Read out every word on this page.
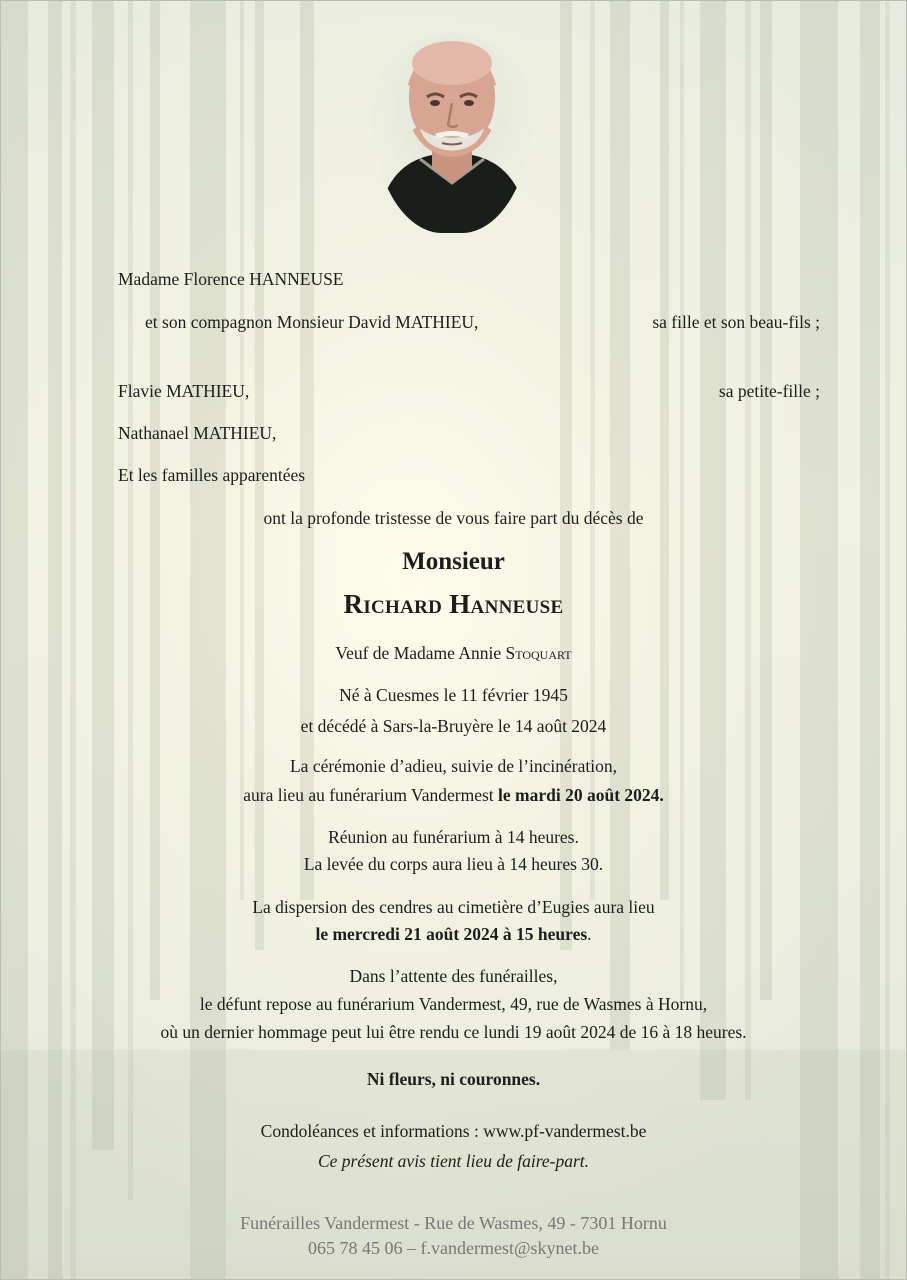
Madame Florence HANNEUSE
et son compagnon Monsieur David MATHIEU,	sa fille et son beau-fils ;
Flavie MATHIEU,	sa petite-fille ;
Nathanael MATHIEU,
Et les familles apparentées
ont la profonde tristesse de vous faire part du décès de
Monsieur
Richard Hanneuse
Veuf de Madame Annie Stoquart
Né à Cuesmes le 11 février 1945
et décédé à Sars-la-Bruyère le 14 août 2024
La cérémonie d’adieu, suivie de l’incinération,
aura lieu au funérarium Vandermest le mardi 20 août 2024.
Réunion au funérarium à 14 heures.
La levée du corps aura lieu à 14 heures 30.
La dispersion des cendres au cimetière d’Eugies aura lieu
le mercredi 21 août 2024 à 15 heures.
Dans l’attente des funérailles,
le défunt repose au funérarium Vandermest, 49, rue de Wasmes à Hornu,
où un dernier hommage peut lui être rendu ce lundi 19 août 2024 de 16 à 18 heures.
Ni fleurs, ni couronnes.
Condoléances et informations : www.pf-vandermest.be
Ce présent avis tient lieu de faire-part.
Funérailles Vandermest - Rue de Wasmes, 49 - 7301 Hornu
065 78 45 06 – f.vandermest@skynet.be
